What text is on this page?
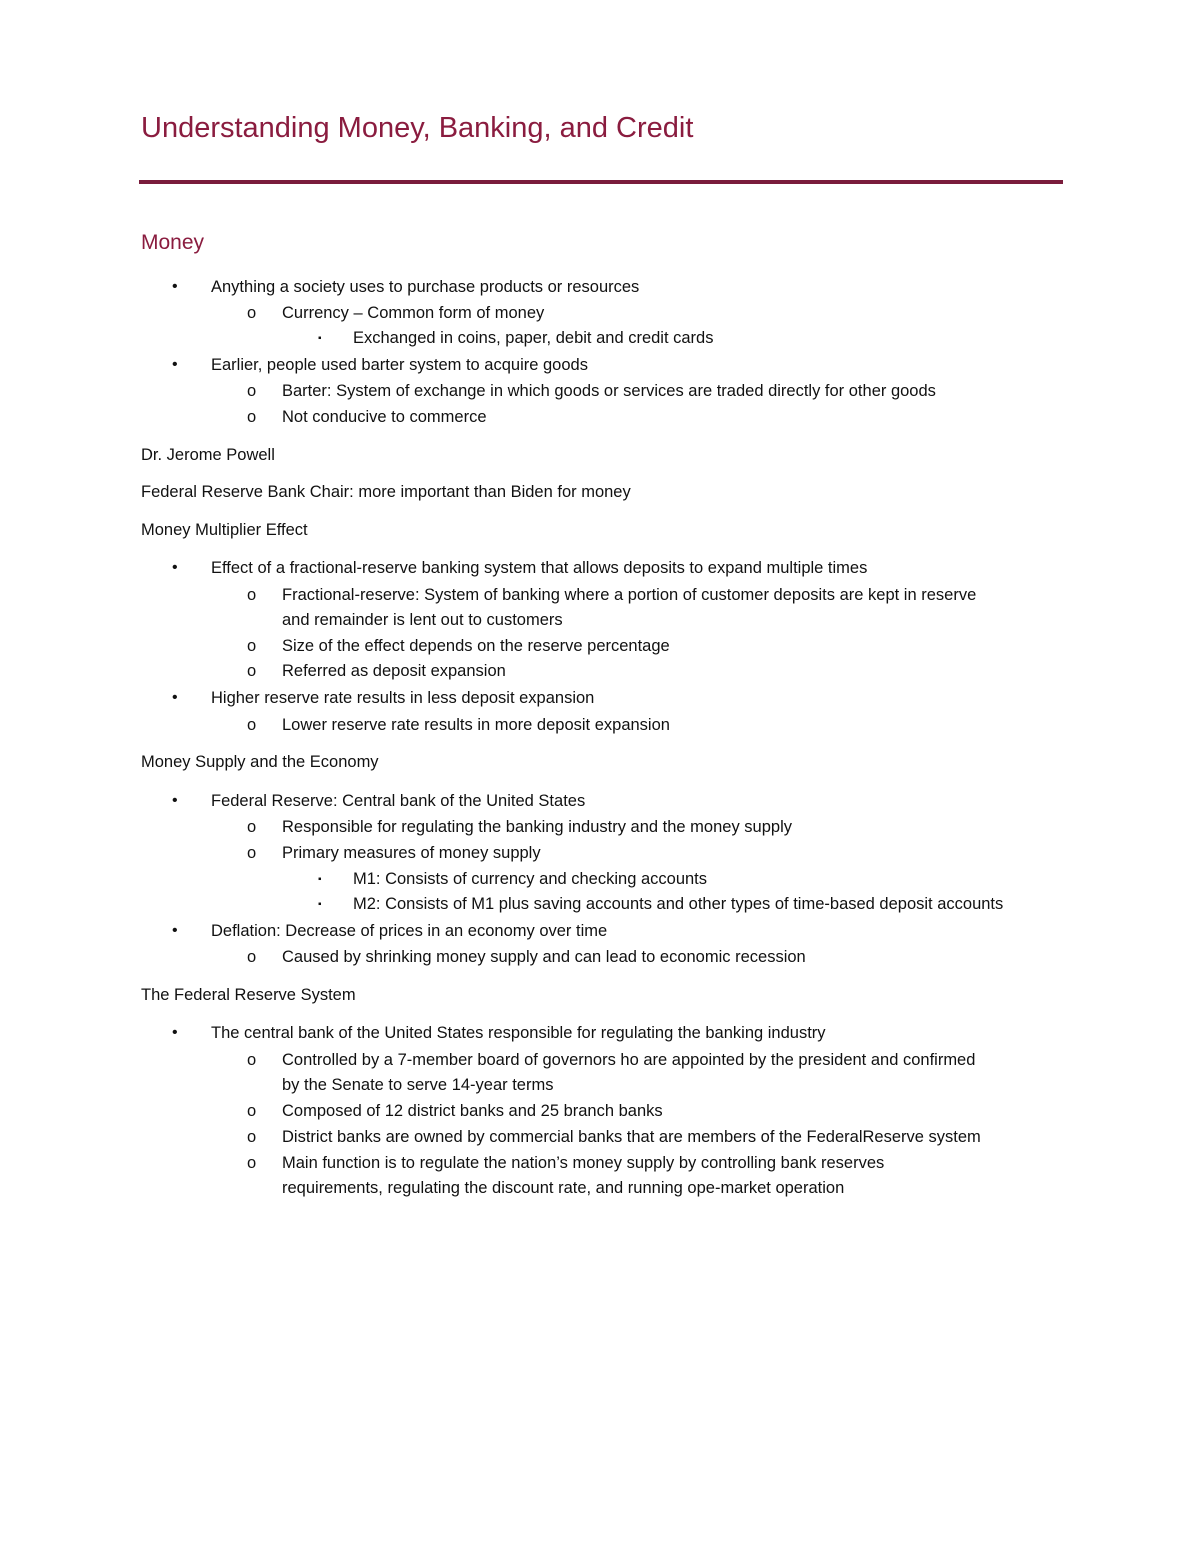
Understanding Money, Banking, and Credit
Money
• Anything a society uses to purchase products or resources
o Currency – Common form of money
▪ Exchanged in coins, paper, debit and credit cards
• Earlier, people used barter system to acquire goods
o Barter: System of exchange in which goods or services are traded directly for other goods
o Not conducive to commerce
Dr. Jerome Powell
Federal Reserve Bank Chair: more important than Biden for money
Money Multiplier Effect
• Effect of a fractional-reserve banking system that allows deposits to expand multiple times
o Fractional-reserve: System of banking where a portion of customer deposits are kept in reserve
and remainder is lent out to customers
o Size of the effect depends on the reserve percentage
o Referred as deposit expansion
• Higher reserve rate results in less deposit expansion
o Lower reserve rate results in more deposit expansion
Money Supply and the Economy
• Federal Reserve: Central bank of the United States
o Responsible for regulating the banking industry and the money supply
o Primary measures of money supply
▪ M1: Consists of currency and checking accounts
▪ M2: Consists of M1 plus saving accounts and other types of time-based deposit accounts
• Deflation: Decrease of prices in an economy over time
o Caused by shrinking money supply and can lead to economic recession
The Federal Reserve System
• The central bank of the United States responsible for regulating the banking industry
o Controlled by a 7-member board of governors ho are appointed by the president and confirmed
by the Senate to serve 14-year terms
o Composed of 12 district banks and 25 branch banks
o District banks are owned by commercial banks that are members of the FederalReserve system
o Main function is to regulate the nation’s money supply by controlling bank reserves
requirements, regulating the discount rate, and running ope-market operation
